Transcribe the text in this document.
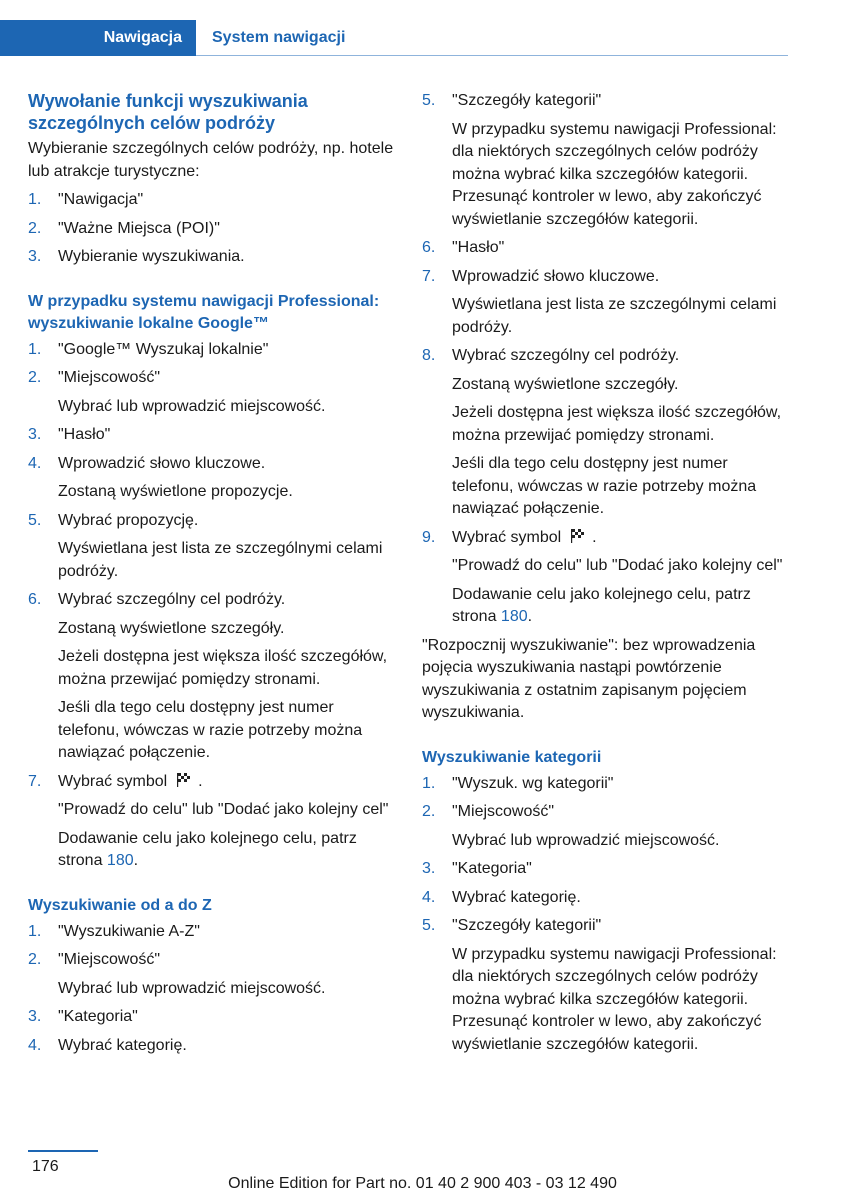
Nawigacja	System nawigacji
Wywołanie funkcji wyszukiwania szczególnych celów podróży
Wybieranie szczególnych celów podróży, np. hotele lub atrakcje turystyczne:
1. "Nawigacja"
2. "Ważne Miejsca (POI)"
3. Wybieranie wyszukiwania.
W przypadku systemu nawigacji Professional: wyszukiwanie lokalne Google™
1. "Google™ Wyszukaj lokalnie"
2. "Miejscowość"
Wybrać lub wprowadzić miejscowość.
3. "Hasło"
4. Wprowadzić słowo kluczowe.
Zostaną wyświetlone propozycje.
5. Wybrać propozycję.
Wyświetlana jest lista ze szczególnymi celami podróży.
6. Wybrać szczególny cel podróży.
Zostaną wyświetlone szczegóły.
Jeżeli dostępna jest większa ilość szczegółów, można przewijać pomiędzy stronami.
Jeśli dla tego celu dostępny jest numer telefonu, wówczas w razie potrzeby można nawiązać połączenie.
7. Wybrać symbol .
"Prowadź do celu" lub "Dodać jako kolejny cel"
Dodawanie celu jako kolejnego celu, patrz strona 180.
Wyszukiwanie od a do Z
1. "Wyszukiwanie A-Z"
2. "Miejscowość"
Wybrać lub wprowadzić miejscowość.
3. "Kategoria"
4. Wybrać kategorię.
5. "Szczegóły kategorii"
W przypadku systemu nawigacji Professional: dla niektórych szczególnych celów podróży można wybrać kilka szczegółów kategorii. Przesunąć kontroler w lewo, aby zakończyć wyświetlanie szczegółów kategorii.
6. "Hasło"
7. Wprowadzić słowo kluczowe.
Wyświetlana jest lista ze szczególnymi celami podróży.
8. Wybrać szczególny cel podróży.
Zostaną wyświetlone szczegóły.
Jeżeli dostępna jest większa ilość szczegółów, można przewijać pomiędzy stronami.
Jeśli dla tego celu dostępny jest numer telefonu, wówczas w razie potrzeby można nawiązać połączenie.
9. Wybrać symbol .
"Prowadź do celu" lub "Dodać jako kolejny cel"
Dodawanie celu jako kolejnego celu, patrz strona 180.
"Rozpocznij wyszukiwanie": bez wprowadzenia pojęcia wyszukiwania nastąpi powtórzenie wyszukiwania z ostatnim zapisanym pojęciem wyszukiwania.
Wyszukiwanie kategorii
1. "Wyszuk. wg kategorii"
2. "Miejscowość"
Wybrać lub wprowadzić miejscowość.
3. "Kategoria"
4. Wybrać kategorię.
5. "Szczegóły kategorii"
W przypadku systemu nawigacji Professional: dla niektórych szczególnych celów podróży można wybrać kilka szczegółów kategorii. Przesunąć kontroler w lewo, aby zakończyć wyświetlanie szczegółów kategorii.
176
Online Edition for Part no. 01 40 2 900 403 - 03 12 490
